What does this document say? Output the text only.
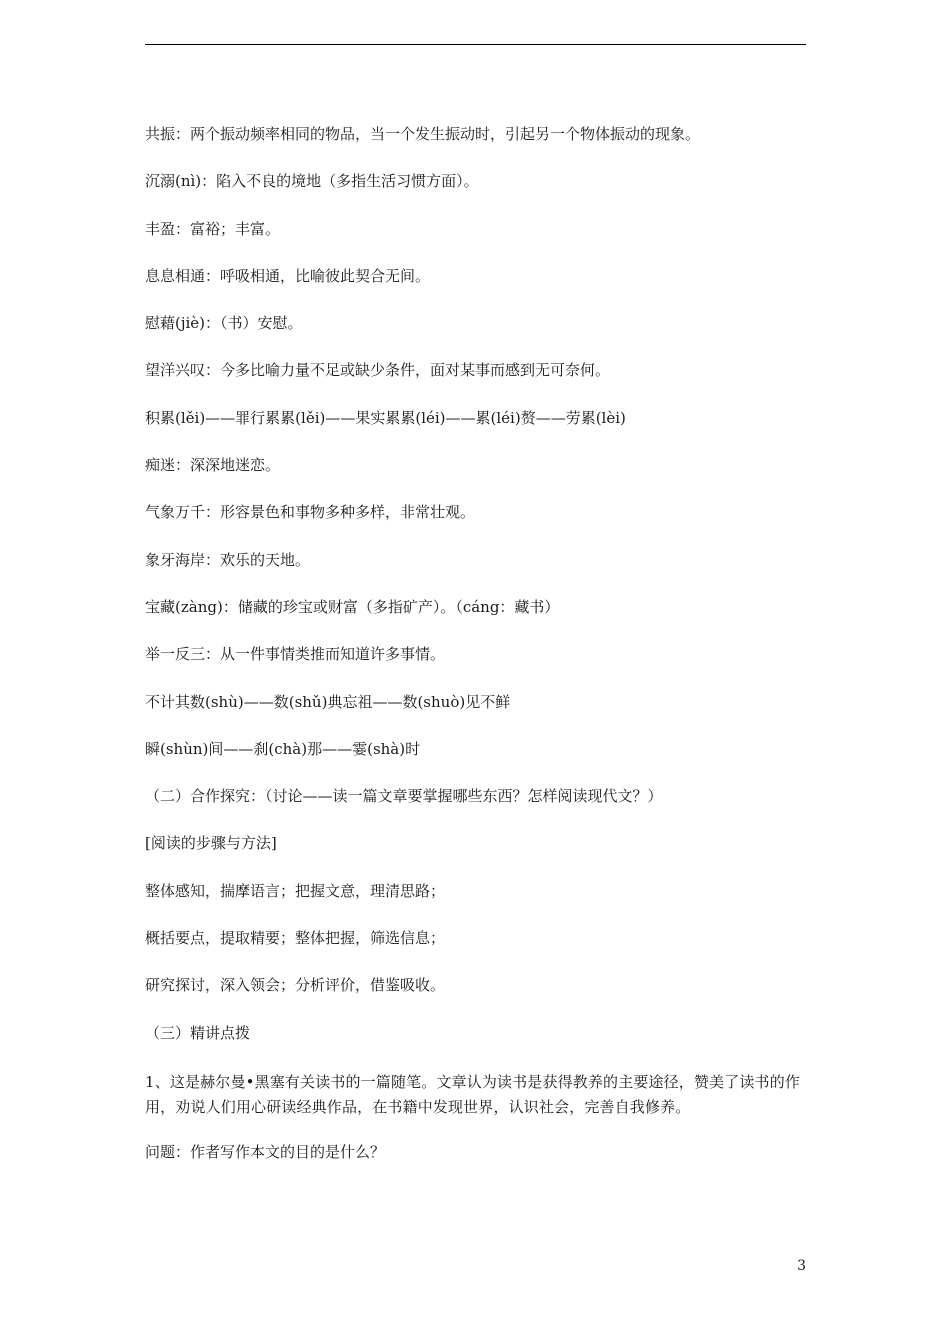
共振：两个振动频率相同的物品，当一个发生振动时，引起另一个物体振动的现象。

沉溺(nì)：陷入不良的境地（多指生活习惯方面）。

丰盈：富裕；丰富。

息息相通：呼吸相通，比喻彼此契合无间。

慰藉(jiè)：（书）安慰。

望洋兴叹：今多比喻力量不足或缺少条件，面对某事而感到无可奈何。

积累(lěi)——罪行累累(lěi)——果实累累(léi)——累(léi)赘——劳累(lèi)

痴迷：深深地迷恋。

气象万千：形容景色和事物多种多样，非常壮观。

象牙海岸：欢乐的天地。

宝藏(zàng)：储藏的珍宝或财富（多指矿产）。（cáng：藏书）

举一反三：从一件事情类推而知道许多事情。

不计其数(shù)——数(shǔ)典忘祖——数(shuò)见不鲜

瞬(shùn)间——刹(chà)那——霎(shà)时

（二）合作探究：（讨论——读一篇文章要掌握哪些东西？怎样阅读现代文？）

[阅读的步骤与方法]

整体感知，揣摩语言；把握文意，理清思路；

概括要点，提取精要；整体把握，筛选信息；

研究探讨，深入领会；分析评价，借鉴吸收。

（三）精讲点拨

1、这是赫尔曼•黑塞有关读书的一篇随笔。文章认为读书是获得教养的主要途径，赞美了读书的作用，劝说人们用心研读经典作品，在书籍中发现世界，认识社会，完善自我修养。

问题：作者写作本文的目的是什么？

3
